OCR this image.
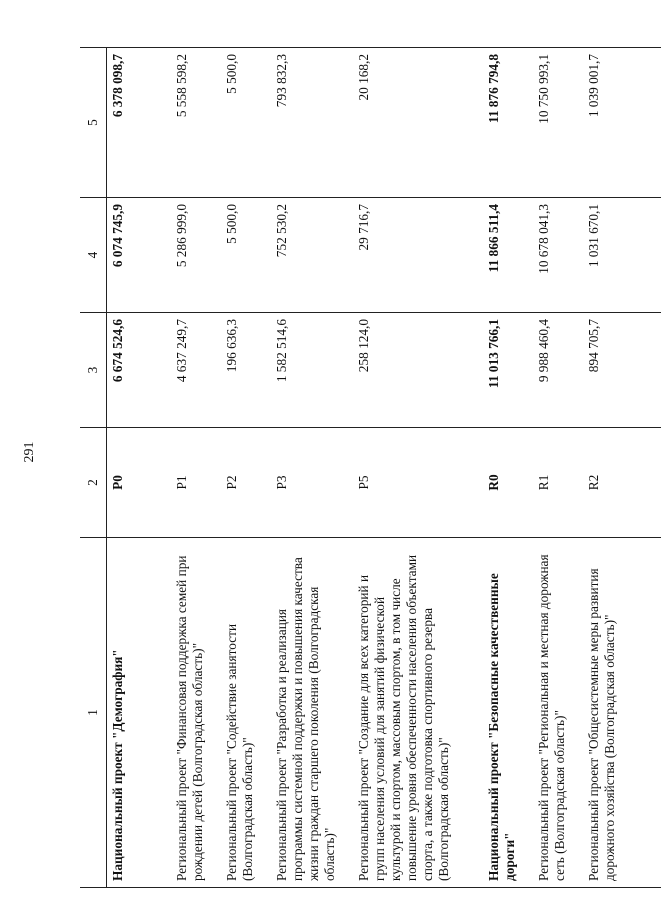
291
1	2	3	4	5
Национальный проект "Демография"	Р0	6 674 524,6	6 074 745,9	6 378 098,7
Региональный проект "Финансовая поддержка семей при рождении детей (Волгоградская область)"	Р1	4 637 249,7	5 286 999,0	5 558 598,2
Региональный проект "Содействие занятости (Волгоградская область)"	Р2	196 636,3	5 500,0	5 500,0
Региональный проект "Разработка и реализация программы системной поддержки и повышения качества жизни граждан старшего поколения (Волгоградская область)"	Р3	1 582 514,6	752 530,2	793 832,3
Региональный проект "Создание для всех категорий и групп населения условий для занятий физической культурой и спортом, массовым спортом, в том числе повышение уровня обеспеченности населения объектами спорта, а также подготовка спортивного резерва (Волгоградская область)"	Р5	258 124,0	29 716,7	20 168,2
Национальный проект "Безопасные качественные дороги"	R0	11 013 766,1	11 866 511,4	11 876 794,8
Региональный проект "Региональная и местная дорожная сеть (Волгоградская область)"	R1	9 988 460,4	10 678 041,3	10 750 993,1
Региональный проект "Общесистемные меры развития дорожного хозяйства (Волгоградская область)"	R2	894 705,7	1 031 670,1	1 039 001,7
